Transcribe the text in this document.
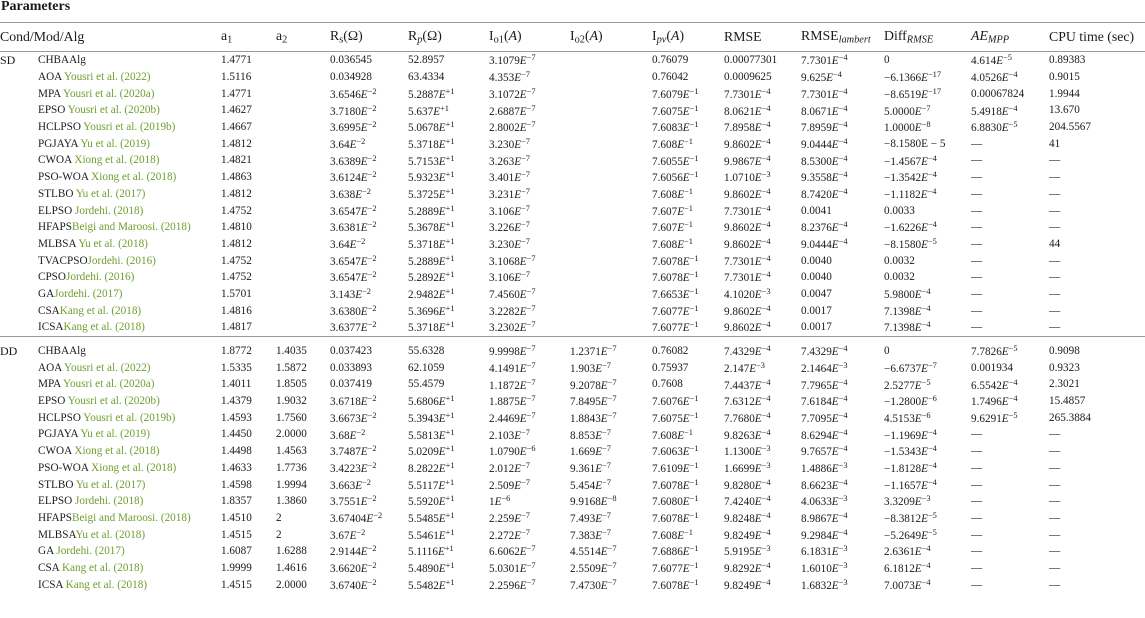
Parameters
Cond/Mod/Alg		$a_1$	$a_2$	$R_s(\Omega)$	$R_p(\Omega)$	$I_{o1}(A)$	$I_{o2}(A)$	$I_{pv}(A)$	RMSE	$RMSE_{lambert}$	Diff$_{RMSE}$	$AE_{MPP}$	CPU time (sec)
SD	CHBAAlg	1.4771		0.036545	52.8957	$3.1079E^{-7}$		0.76079	0.00077301	$7.7301E^{-4}$	0	$4.614E^{-5}$	0.89383
	AOA Yousri et al. (2022)	1.5116		0.034928	63.4334	$4.353E^{-7}$		0.76042	0.0009625	$9.625E^{-4}$	$-6.1366E^{-17}$	$4.0526E^{-4}$	0.9015
	MPA Yousri et al. (2020a)	1.4771		$3.6546E^{-2}$	$5.2887E^{+1}$	$3.1072E^{-7}$		$7.6079E^{-1}$	$7.7301E^{-4}$	$7.7301E^{-4}$	$-8.6519E^{-17}$	0.00067824	1.9944
	EPSO Yousri et al. (2020b)	1.4627		$3.7180E^{-2}$	$5.637E^{+1}$	$2.6887E^{-7}$		$7.6075E^{-1}$	$8.0621E^{-4}$	$8.0671E^{-4}$	$5.0000E^{-7}$	$5.4918E^{-4}$	13.670
	HCLPSO Yousri et al. (2019b)	1.4667		$3.6995E^{-2}$	$5.0678E^{+1}$	$2.8002E^{-7}$		$7.6083E^{-1}$	$7.8958E^{-4}$	$7.8959E^{-4}$	$1.0000E^{-8}$	$6.8830E^{-5}$	204.5567
	PGJAYA Yu et al. (2019)	1.4812		$3.64E^{-2}$	$5.3718E^{+1}$	$3.230E^{-7}$		$7.608E^{-1}$	$9.8602E^{-4}$	$9.0444E^{-4}$	−8.1580E − 5	—	41
	CWOA Xiong et al. (2018)	1.4821		$3.6389E^{-2}$	$5.7153E^{+1}$	$3.263E^{-7}$		$7.6055E^{-1}$	$9.9867E^{-4}$	$8.5300E^{-4}$	$-1.4567E^{-4}$	—	—
	PSO-WOA Xiong et al. (2018)	1.4863		$3.6124E^{-2}$	$5.9323E^{+1}$	$3.401E^{-7}$		$7.6056E^{-1}$	$1.0710E^{-3}$	$9.3558E^{-4}$	$-1.3542E^{-4}$	—	—
	STLBO Yu et al. (2017)	1.4812		$3.638E^{-2}$	$5.3725E^{+1}$	$3.231E^{-7}$		$7.608E^{-1}$	$9.8602E^{-4}$	$8.7420E^{-4}$	$-1.1182E^{-4}$	—	—
	ELPSO Jordehi. (2018)	1.4752		$3.6547E^{-2}$	$5.2889E^{+1}$	$3.106E^{-7}$		$7.607E^{-1}$	$7.7301E^{-4}$	0.0041	0.0033	—	—
	HFAPSBeigi and Maroosi. (2018)	1.4810		$3.6381E^{-2}$	$5.3678E^{+1}$	$3.226E^{-7}$		$7.607E^{-1}$	$9.8602E^{-4}$	$8.2376E^{-4}$	$-1.6226E^{-4}$	—	—
	MLBSA Yu et al. (2018)	1.4812		$3.64E^{-2}$	$5.3718E^{+1}$	$3.230E^{-7}$		$7.608E^{-1}$	$9.8602E^{-4}$	$9.0444E^{-4}$	$-8.1580E^{-5}$	—	44
	TVACPSOJordehi. (2016)	1.4752		$3.6547E^{-2}$	$5.2889E^{+1}$	$3.1068E^{-7}$		$7.6078E^{-1}$	$7.7301E^{-4}$	0.0040	0.0032	—	—
	CPSOJordehi. (2016)	1.4752		$3.6547E^{-2}$	$5.2892E^{+1}$	$3.106E^{-7}$		$7.6078E^{-1}$	$7.7301E^{-4}$	0.0040	0.0032	—	—
	GAJordehi. (2017)	1.5701		$3.143E^{-2}$	$2.9482E^{+1}$	$7.4560E^{-7}$		$7.6653E^{-1}$	$4.1020E^{-3}$	0.0047	$5.9800E^{-4}$	—	—
	CSAKang et al. (2018)	1.4816		$3.6380E^{-2}$	$5.3696E^{+1}$	$3.2282E^{-7}$		$7.6077E^{-1}$	$9.8602E^{-4}$	0.0017	$7.1398E^{-4}$	—	—
	ICSAKang et al. (2018)	1.4817		$3.6377E^{-2}$	$5.3718E^{+1}$	$3.2302E^{-7}$		$7.6077E^{-1}$	$9.8602E^{-4}$	0.0017	$7.1398E^{-4}$	—	—

DD	CHBAAlg	1.8772	1.4035	0.037423	55.6328	$9.9998E^{-7}$	$1.2371E^{-7}$	0.76082	$7.4329E^{-4}$	$7.4329E^{-4}$	0	$7.7826E^{-5}$	0.9098
	AOA Yousri et al. (2022)	1.5335	1.5872	0.033893	62.1059	$4.1491E^{-7}$	$1.903E^{-7}$	0.75937	$2.147E^{-3}$	$2.1464E^{-3}$	$-6.6737E^{-7}$	0.001934	0.9323
	MPA Yousri et al. (2020a)	1.4011	1.8505	0.037419	55.4579	$1.1872E^{-7}$	$9.2078E^{-7}$	0.7608	$7.4437E^{-4}$	$7.7965E^{-4}$	$2.5277E^{-5}$	$6.5542E^{-4}$	2.3021
	EPSO Yousri et al. (2020b)	1.4379	1.9032	$3.6718E^{-2}$	$5.6806E^{+1}$	$1.8875E^{-7}$	$7.8495E^{-7}$	$7.6076E^{-1}$	$7.6312E^{-4}$	$7.6184E^{-4}$	$-1.2800E^{-6}$	$1.7496E^{-4}$	15.4857
	HCLPSO Yousri et al. (2019b)	1.4593	1.7560	$3.6673E^{-2}$	$5.3943E^{+1}$	$2.4469E^{-7}$	$1.8843E^{-7}$	$7.6075E^{-1}$	$7.7680E^{-4}$	$7.7095E^{-4}$	$4.5153E^{-6}$	$9.6291E^{-5}$	265.3884
	PGJAYA Yu et al. (2019)	1.4450	2.0000	$3.68E^{-2}$	$5.5813E^{+1}$	$2.103E^{-7}$	$8.853E^{-7}$	$7.608E^{-1}$	$9.8263E^{-4}$	$8.6294E^{-4}$	$-1.1969E^{-4}$	—	—
	CWOA Xiong et al. (2018)	1.4498	1.4563	$3.7487E^{-2}$	$5.0209E^{+1}$	$1.0790E^{-6}$	$1.669E^{-7}$	$7.6063E^{-1}$	$1.1300E^{-3}$	$9.7657E^{-4}$	$-1.5343E^{-4}$	—	—
	PSO-WOA Xiong et al. (2018)	1.4633	1.7736	$3.4223E^{-2}$	$8.2822E^{+1}$	$2.012E^{-7}$	$9.361E^{-7}$	$7.6109E^{-1}$	$1.6699E^{-3}$	$1.4886E^{-3}$	$-1.8128E^{-4}$	—	—
	STLBO Yu et al. (2017)	1.4598	1.9994	$3.663E^{-2}$	$5.5117E^{+1}$	$2.509E^{-7}$	$5.454E^{-7}$	$7.6078E^{-1}$	$9.8280E^{-4}$	$8.6623E^{-4}$	$-1.1657E^{-4}$	—	—
	ELPSO Jordehi. (2018)	1.8357	1.3860	$3.7551E^{-2}$	$5.5920E^{+1}$	$1E^{-6}$	$9.9168E^{-8}$	$7.6080E^{-1}$	$7.4240E^{-4}$	$4.0633E^{-3}$	$3.3209E^{-3}$	—	—
	HFAPSBeigi and Maroosi. (2018)	1.4510	2	$3.67404E^{-2}$	$5.5485E^{+1}$	$2.259E^{-7}$	$7.493E^{-7}$	$7.6078E^{-1}$	$9.8248E^{-4}$	$8.9867E^{-4}$	$-8.3812E^{-5}$	—	—
	MLBSAYu et al. (2018)	1.4515	2	$3.67E^{-2}$	$5.5461E^{+1}$	$2.272E^{-7}$	$7.383E^{-7}$	$7.608E^{-1}$	$9.8249E^{-4}$	$9.2984E^{-4}$	$-5.2649E^{-5}$	—	—
	GA Jordehi. (2017)	1.6087	1.6288	$2.9144E^{-2}$	$5.1116E^{+1}$	$6.6062E^{-7}$	$4.5514E^{-7}$	$7.6886E^{-1}$	$5.9195E^{-3}$	$6.1831E^{-3}$	$2.6361E^{-4}$	—	—
	CSA Kang et al. (2018)	1.9999	1.4616	$3.6620E^{-2}$	$5.4890E^{+1}$	$5.0301E^{-7}$	$2.5509E^{-7}$	$7.6077E^{-1}$	$9.8292E^{-4}$	$1.6010E^{-3}$	$6.1812E^{-4}$	—	—
	ICSA Kang et al. (2018)	1.4515	2.0000	$3.6740E^{-2}$	$5.5482E^{+1}$	$2.2596E^{-7}$	$7.4730E^{-7}$	$7.6078E^{-1}$	$9.8249E^{-4}$	$1.6832E^{-3}$	$7.0073E^{-4}$	—	—
